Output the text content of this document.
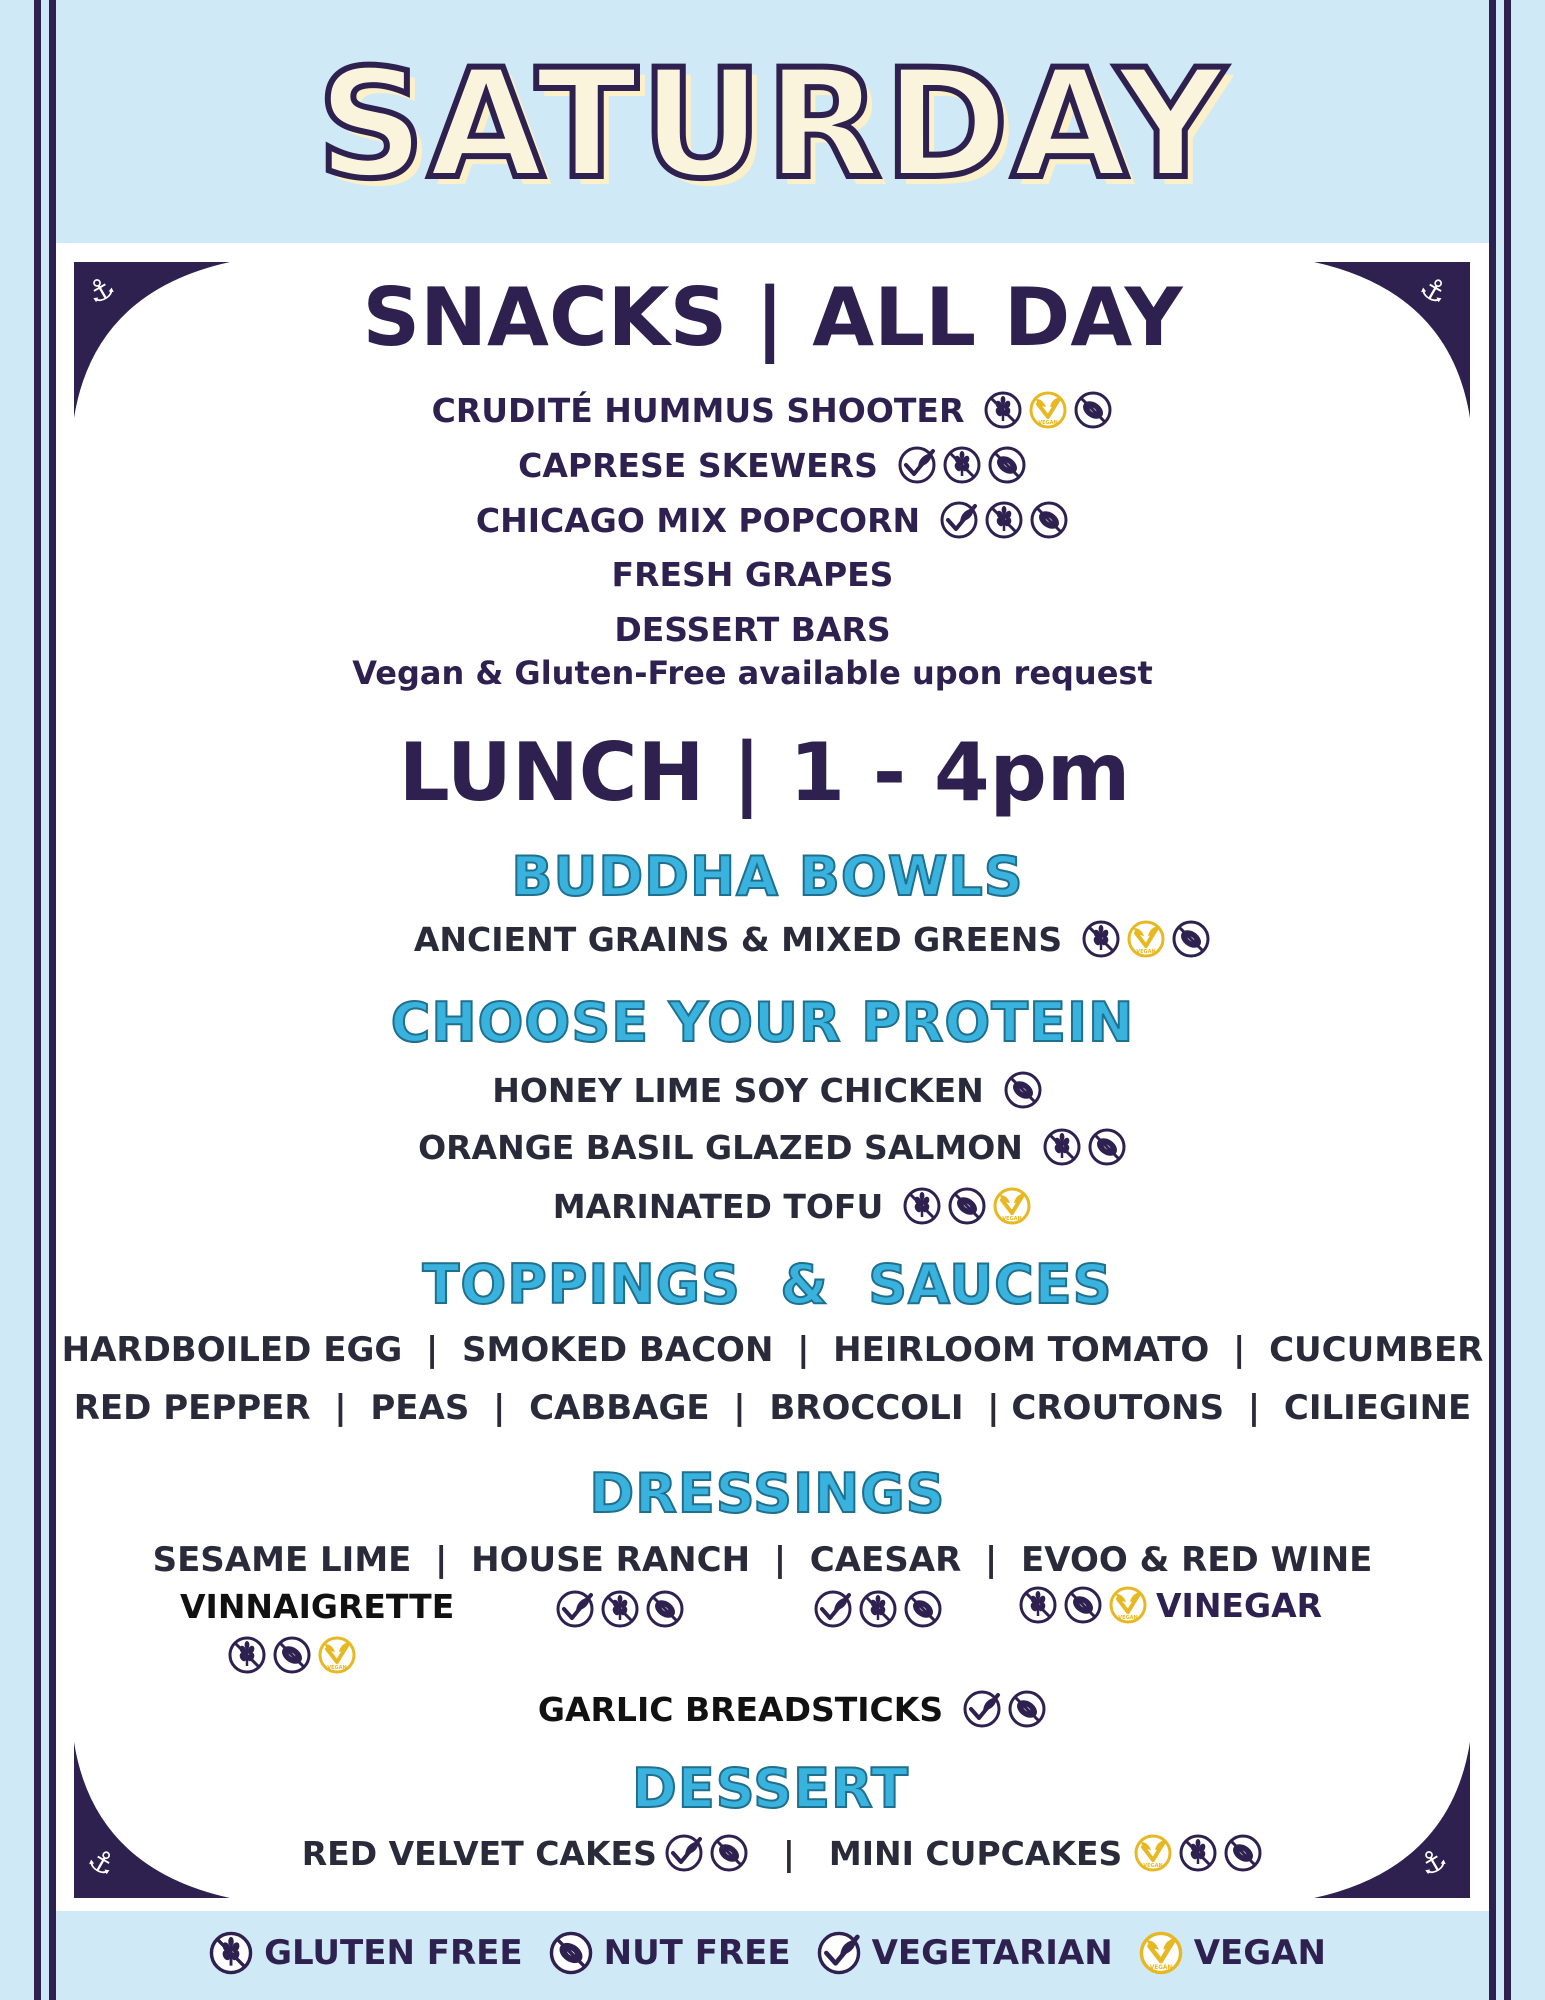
⚓	⚓
⚓	⚓
SATURDAY
SNACKS | ALL DAY
CRUDITÉ HUMMUS SHOOTER	VEGAN
CAPRESE SKEWERS
CHICAGO MIX POPCORN
FRESH GRAPES
DESSERT BARS
Vegan & Gluten-Free available upon request
LUNCH | 1 - 4pm
BUDDHA BOWLS
ANCIENT GRAINS & MIXED GREENS	VEGAN
CHOOSE YOUR PROTEIN
HONEY LIME SOY CHICKEN
ORANGE BASIL GLAZED SALMON
MARINATED TOFU	VEGAN
TOPPINGS  &  SAUCES
HARDBOILED EGG  |  SMOKED BACON  |  HEIRLOOM TOMATO  |  CUCUMBER
RED PEPPER  |  PEAS  |  CABBAGE  |  BROCCOLI  | CROUTONS  |  CILIEGINE
DRESSINGS
SESAME LIME  |  HOUSE RANCH  |  CAESAR  |  EVOO & RED WINE
VINNAIGRETTE
VEGAN
VEGAN VINEGAR
GARLIC BREADSTICKS
DESSERT
RED VELVET CAKES	| MINI CUPCAKES	VEGAN
GLUTEN FREE NUT FREE VEGETARIAN	VEGAN VEGAN
